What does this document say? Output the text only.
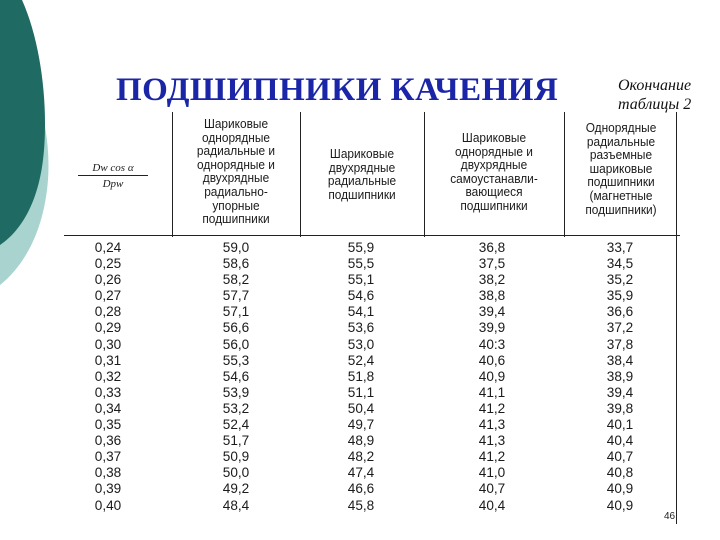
ПОДШИПНИКИ КАЧЕНИЯ	Окончание
таблицы 2
Dw cos α
Dpw
Шариковые
однорядные
радиальные и
однорядные и
двухрядные
радиально-
упорные
подшипники
Шариковые
двухрядные
радиальные
подшипники
Шариковые
однорядные и
двухрядные
самоустанавли-
вающиеся
подшипники
Однорядные
радиальные
разъемные
шариковые
подшипники
(магнетные
подшипники)
0,24
0,25
0,26
0,27
0,28
0,29
0,30
0,31
0,32
0,33
0,34
0,35
0,36
0,37
0,38
0,39
0,40
59,0
58,6
58,2
57,7
57,1
56,6
56,0
55,3
54,6
53,9
53,2
52,4
51,7
50,9
50,0
49,2
48,4
55,9
55,5
55,1
54,6
54,1
53,6
53,0
52,4
51,8
51,1
50,4
49,7
48,9
48,2
47,4
46,6
45,8
36,8
37,5
38,2
38,8
39,4
39,9
40:3
40,6
40,9
41,1
41,2
41,3
41,3
41,2
41,0
40,7
40,4
33,7
34,5
35,2
35,9
36,6
37,2
37,8
38,4
38,9
39,4
39,8
40,1
40,4
40,7
40,8
40,9
40,9
46
